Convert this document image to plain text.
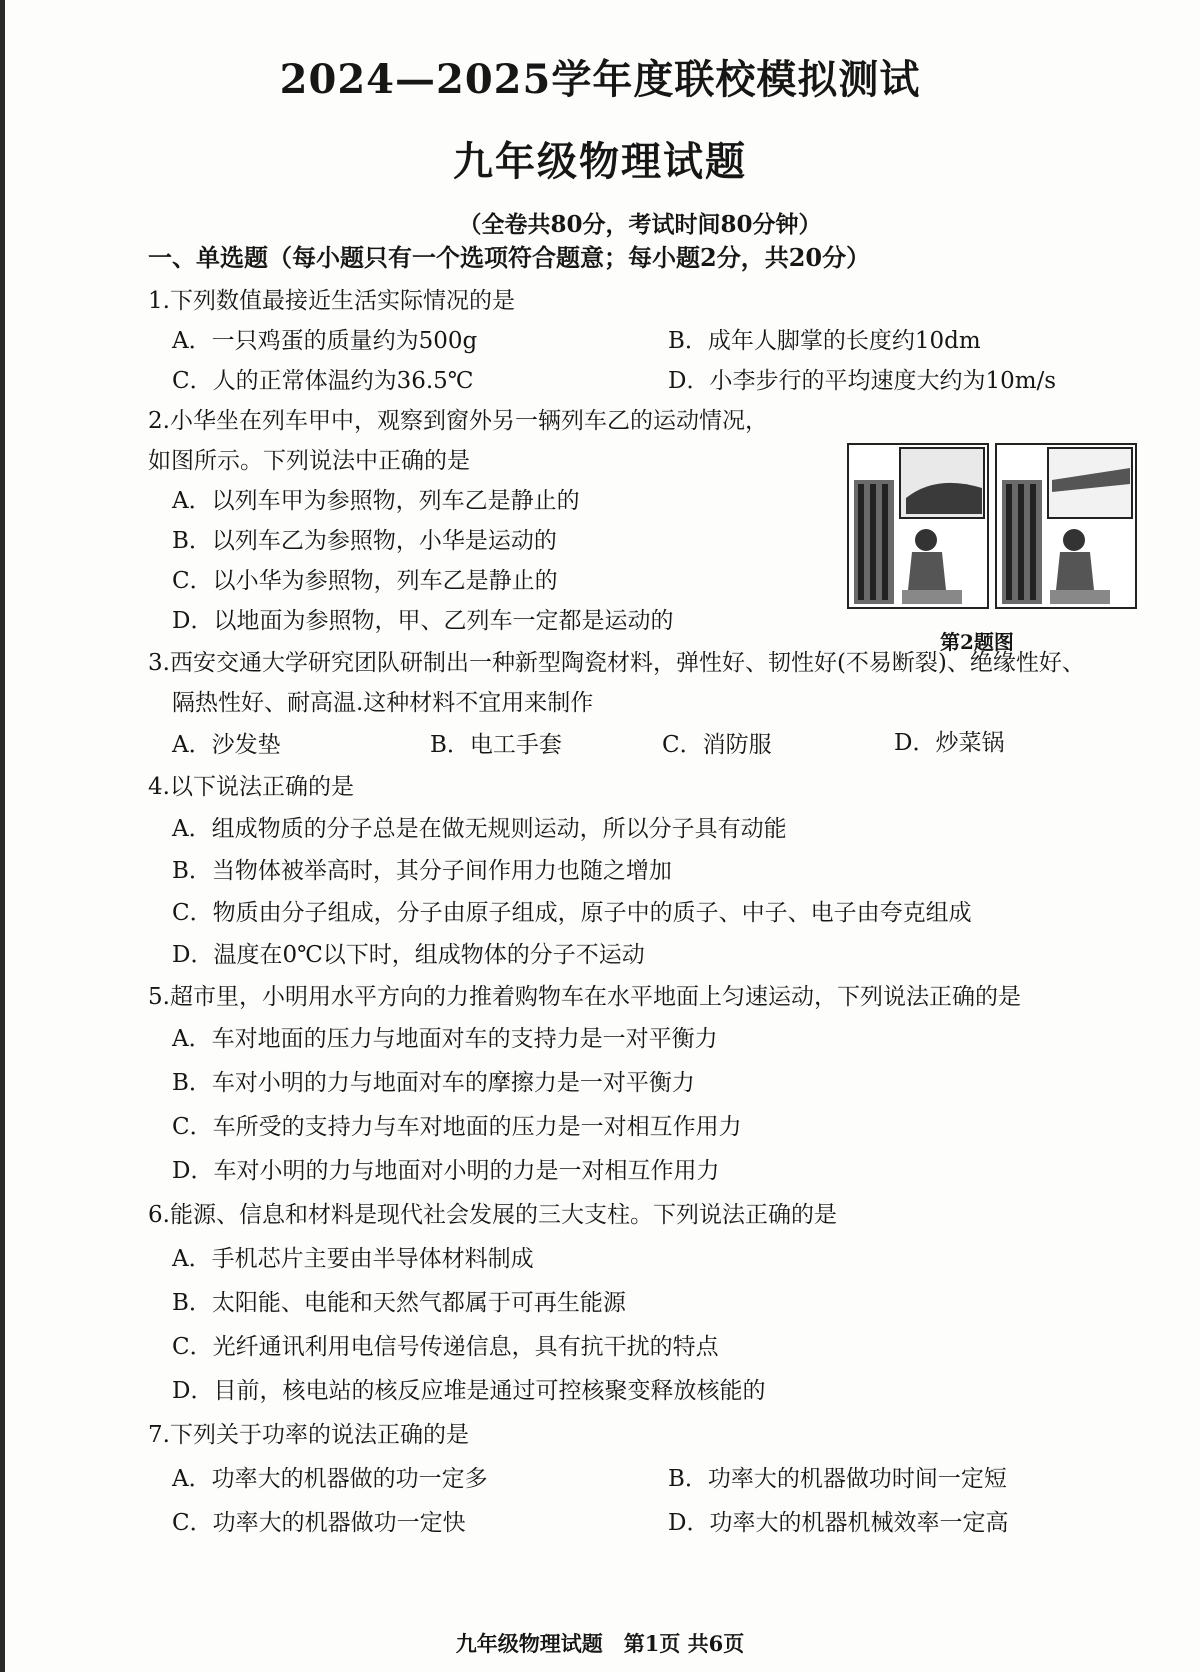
2024—2025学年度联校模拟测试
九年级物理试题
（全卷共80分，考试时间80分钟）
一、单选题（每小题只有一个选项符合题意；每小题2分，共20分）
1.下列数值最接近生活实际情况的是
A．一只鸡蛋的质量约为500g	B．成年人脚掌的长度约10dm
C．人的正常体温约为36.5℃	D．小李步行的平均速度大约为10m/s
2.小华坐在列车甲中，观察到窗外另一辆列车乙的运动情况，
如图所示。下列说法中正确的是
A．以列车甲为参照物，列车乙是静止的
B．以列车乙为参照物，小华是运动的
C．以小华为参照物，列车乙是静止的
D．以地面为参照物，甲、乙列车一定都是运动的
第2题图
3.西安交通大学研究团队研制出一种新型陶瓷材料，弹性好、韧性好(不易断裂)、绝缘性好、
隔热性好、耐高温.这种材料不宜用来制作
A．沙发垫	B．电工手套	C．消防服	D．炒菜锅
4.以下说法正确的是
A．组成物质的分子总是在做无规则运动，所以分子具有动能
B．当物体被举高时，其分子间作用力也随之增加
C．物质由分子组成，分子由原子组成，原子中的质子、中子、电子由夸克组成
D．温度在0℃以下时，组成物体的分子不运动
5.超市里，小明用水平方向的力推着购物车在水平地面上匀速运动，下列说法正确的是
A．车对地面的压力与地面对车的支持力是一对平衡力
B．车对小明的力与地面对车的摩擦力是一对平衡力
C．车所受的支持力与车对地面的压力是一对相互作用力
D．车对小明的力与地面对小明的力是一对相互作用力
6.能源、信息和材料是现代社会发展的三大支柱。下列说法正确的是
A．手机芯片主要由半导体材料制成
B．太阳能、电能和天然气都属于可再生能源
C．光纤通讯利用电信号传递信息，具有抗干扰的特点
D．目前，核电站的核反应堆是通过可控核聚变释放核能的
7.下列关于功率的说法正确的是
A．功率大的机器做的功一定多	B．功率大的机器做功时间一定短
C．功率大的机器做功一定快	D．功率大的机器机械效率一定高
九年级物理试题　第1页 共6页
